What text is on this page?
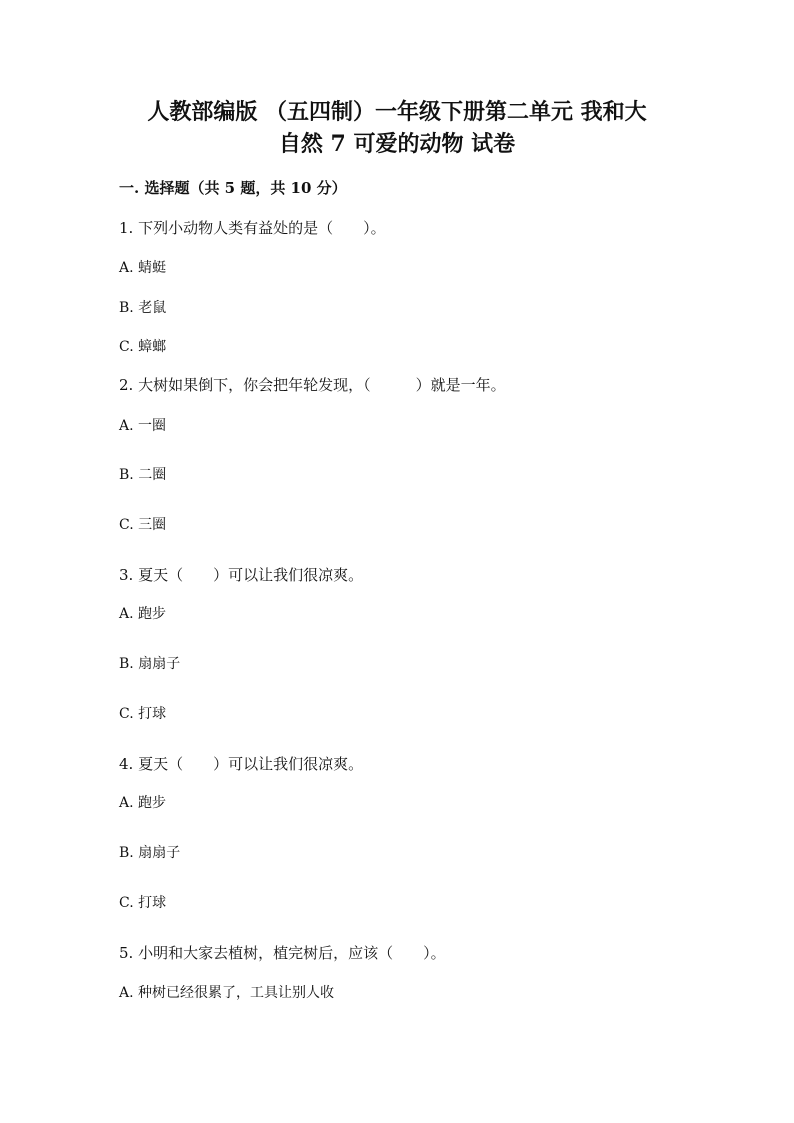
人教部编版 （五四制）一年级下册第二单元 我和大
自然 7 可爱的动物 试卷
一. 选择题（共 5 题，共 10 分）
1. 下列小动物人类有益处的是（　　）。
A. 蜻蜓
B. 老鼠
C. 蟑螂
2. 大树如果倒下，你会把年轮发现，（　　　）就是一年。
A. 一圈
B. 二圈
C. 三圈
3. 夏天（　　）可以让我们很凉爽。
A. 跑步
B. 扇扇子
C. 打球
4. 夏天（　　）可以让我们很凉爽。
A. 跑步
B. 扇扇子
C. 打球
5. 小明和大家去植树，植完树后，应该（　　）。
A. 种树已经很累了，工具让别人收
